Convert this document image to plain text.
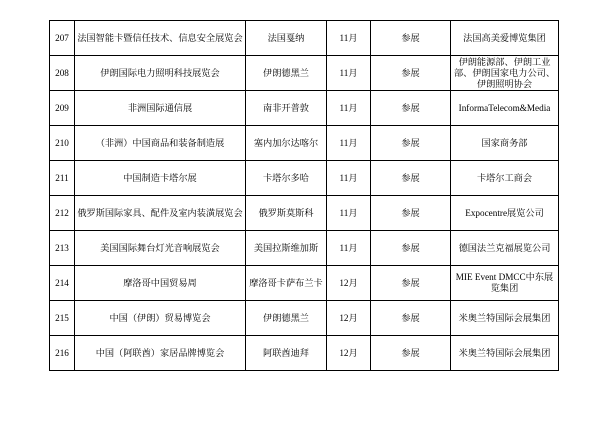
207	法国智能卡暨信任技术、信息安全展览会	法国戛纳	11月	参展	法国高美爱博览集团
208	伊朗国际电力照明科技展览会	伊朗德黑兰	11月	参展	伊朗能源部、伊朗工业部、伊朗国家电力公司、伊朗照明协会
209	非洲国际通信展	南非开普敦	11月	参展	InformaTelecom&Media
210	（非洲）中国商品和装备制造展	塞内加尔达喀尔	11月	参展	国家商务部
211	中国制造卡塔尔展	卡塔尔多哈	11月	参展	卡塔尔工商会
212	俄罗斯国际家具、配件及室内装潢展览会	俄罗斯莫斯科	11月	参展	Expocentre展览公司
213	美国国际舞台灯光音响展览会	美国拉斯维加斯	11月	参展	德国法兰克福展览公司
214	摩洛哥中国贸易周	摩洛哥卡萨布兰卡	12月	参展	MIE Event DMCC中东展览集团
215	中国（伊朗）贸易博览会	伊朗德黑兰	12月	参展	米奥兰特国际会展集团
216	中国（阿联酋）家居品牌博览会	阿联酋迪拜	12月	参展	米奥兰特国际会展集团
